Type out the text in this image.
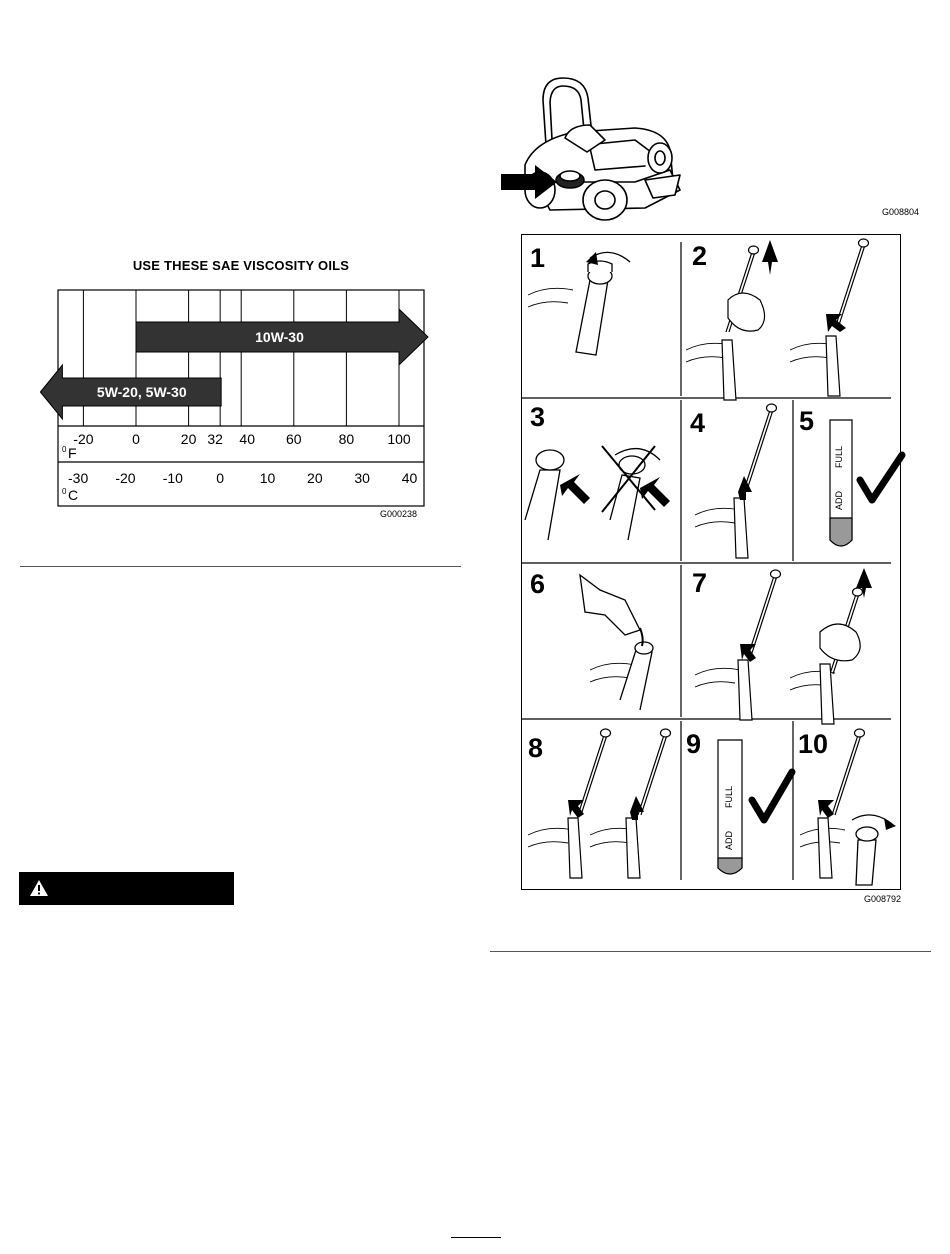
USE THESE SAE VISCOSITY OILS
10W-30
5W-20, 5W-30
-20	0	20 32 40 60	80 100
-30 -20 -10 0	10 20 30 40
0 F
0 C
G000238
G008804
ADD
FULL
ADD
FULL
1	2
3	4	5
6	7
8	9	10
G008792
